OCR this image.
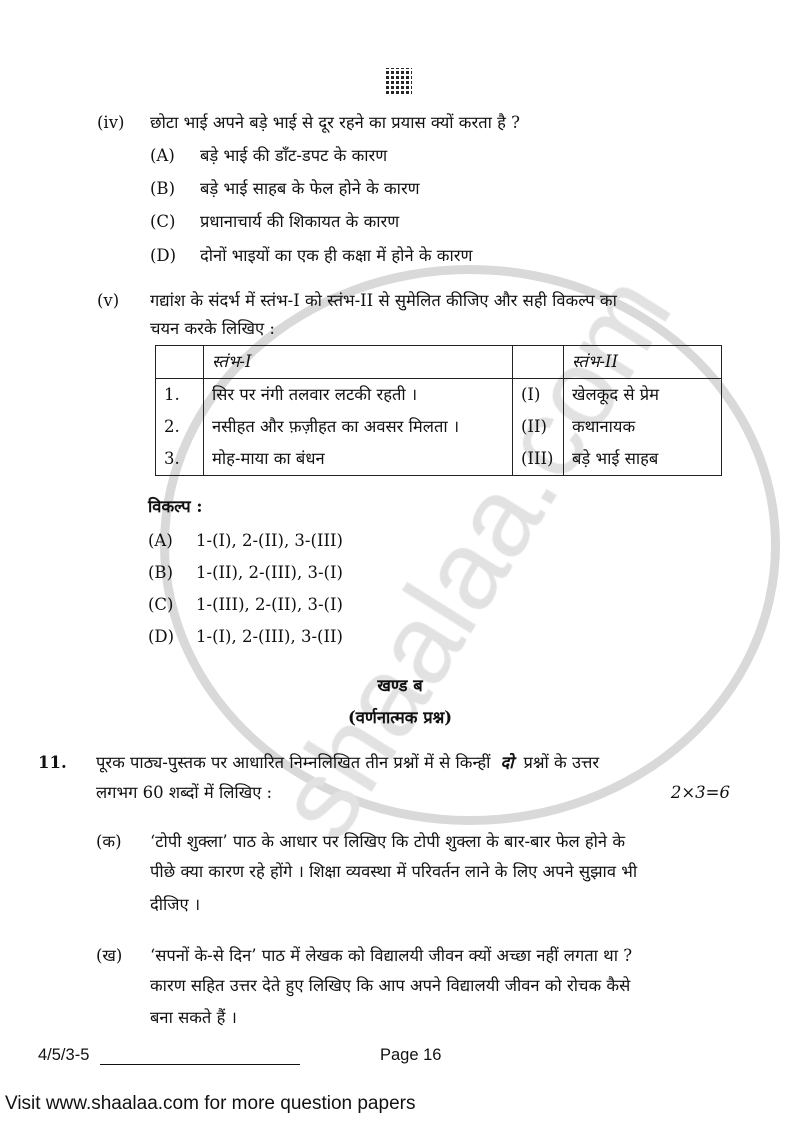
(iv) छोटा भाई अपने बड़े भाई से दूर रहने का प्रयास क्यों करता है ?
(A) बड़े भाई की डाँट-डपट के कारण
(B) बड़े भाई साहब के फेल होने के कारण
(C) प्रधानाचार्य की शिकायत के कारण
(D) दोनों भाइयों का एक ही कक्षा में होने के कारण
(v) गद्यांश के संदर्भ में स्तंभ-I को स्तंभ-II से सुमेलित कीजिए और सही विकल्प का
चयन करके लिखिए :
	स्तंभ-I		स्तंभ-II
1.	सिर पर नंगी तलवार लटकी रहती ।	(I)	खेलकूद से प्रेम
2.	नसीहत और फ़ज़ीहत का अवसर मिलता ।	(II)	कथानायक
3.	मोह-माया का बंधन	(III)	बड़े भाई साहब
विकल्प :
(A) 1-(I), 2-(II), 3-(III)
(B) 1-(II), 2-(III), 3-(I)
(C) 1-(III), 2-(II), 3-(I)
(D) 1-(I), 2-(III), 3-(II)
खण्ड ब
(वर्णनात्मक प्रश्न)
11. पूरक पाठ्य-पुस्तक पर आधारित निम्नलिखित तीन प्रश्नों में से किन्हीं दो प्रश्नों के उत्तर
लगभग 60 शब्दों में लिखिए :	2×3=6
(क) ‘टोपी शुक्ला’ पाठ के आधार पर लिखिए कि टोपी शुक्ला के बार-बार फेल होने के
पीछे क्या कारण रहे होंगे । शिक्षा व्यवस्था में परिवर्तन लाने के लिए अपने सुझाव भी
दीजिए ।
(ख) ‘सपनों के-से दिन’ पाठ में लेखक को विद्यालयी जीवन क्यों अच्छा नहीं लगता था ?
कारण सहित उत्तर देते हुए लिखिए कि आप अपने विद्यालयी जीवन को रोचक कैसे
बना सकते हैं ।
4/5/3-5	Page 16
Visit www.shaalaa.com for more question papers
